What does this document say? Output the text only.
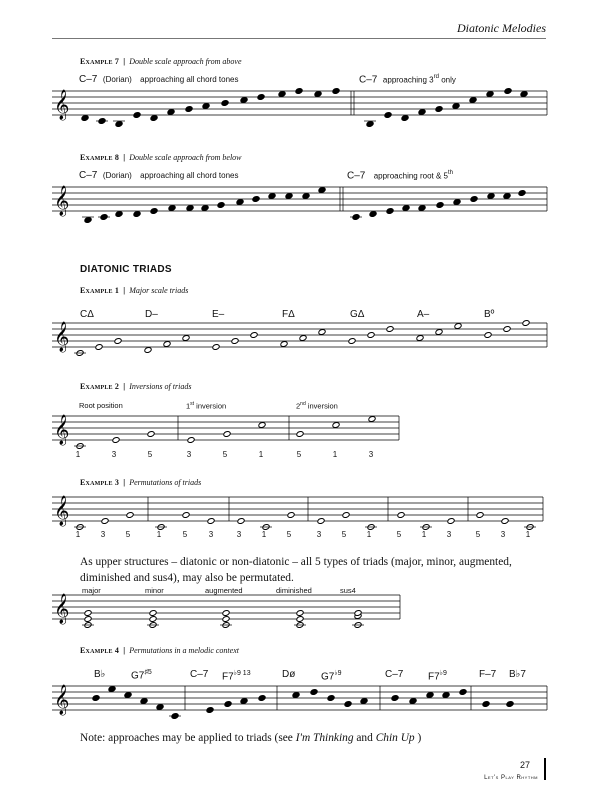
Diatonic Melodies
Example 7 | Double scale approach from above
C–7 (Dorian) approaching all chord tones	C–7 approaching 3rd only
Example 8 | Double scale approach from below
C–7 (Dorian) approaching all chord tones	C–7 approaching root & 5th
DIATONIC TRIADS
Example 1 | Major scale triads
CΔ	D–	E–	FΔ	GΔ	A–	Bº
Example 2 | Inversions of triads
Root position	1st inversion	2nd inversion
1	3	5	3	5	1	5	1	3
Example 3 | Permutations of triads
1	3	5	1	5	3	3	1	5	3	5	1	5	1	3	5	3	1
As upper structures – diatonic or non-diatonic – all 5 types of triads (major, minor, augmented, diminished and sus4), may also be permutated.
major	minor	augmented	diminished	sus4
Example 4 | Permutations in a melodic context
B♭	$G7^{♯5}$	C–7 $F7^{♭9 13}$	Dø	$G7^{♭9}$	C–7 $F7^{♭9}$	F–7 B♭7
Note: approaches may be applied to triads (see I'm Thinking and Chin Up )
𝄞
𝄞
𝄞
𝄞
𝄞
𝄞
𝄞
27
Let's Play Rhythm
